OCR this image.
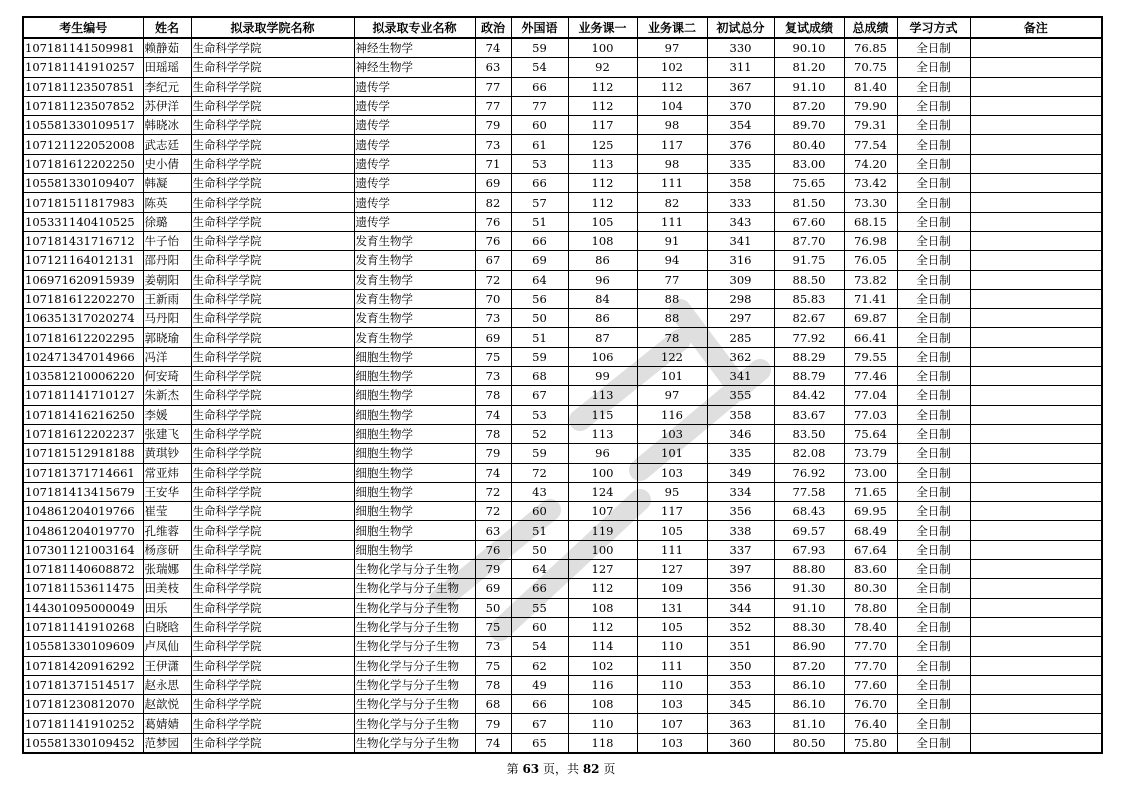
考生编号	姓名	拟录取学院名称	拟录取专业名称	政治	外国语	业务课一	业务课二	初试总分	复试成绩	总成绩	学习方式	备注
107181141509981	赖静茹	生命科学学院	神经生物学	74	59	100	97	330	90.10	76.85	全日制	
107181141910257	田瑶瑶	生命科学学院	神经生物学	63	54	92	102	311	81.20	70.75	全日制	
107181123507851	李纪元	生命科学学院	遗传学	77	66	112	112	367	91.10	81.40	全日制	
107181123507852	苏伊洋	生命科学学院	遗传学	77	77	112	104	370	87.20	79.90	全日制	
105581330109517	韩晓冰	生命科学学院	遗传学	79	60	117	98	354	89.70	79.31	全日制	
107121122052008	武志廷	生命科学学院	遗传学	73	61	125	117	376	80.40	77.54	全日制	
107181612202250	史小倩	生命科学学院	遗传学	71	53	113	98	335	83.00	74.20	全日制	
105581330109407	韩凝	生命科学学院	遗传学	69	66	112	111	358	75.65	73.42	全日制	
107181511817983	陈英	生命科学学院	遗传学	82	57	112	82	333	81.50	73.30	全日制	
105331140410525	徐璐	生命科学学院	遗传学	76	51	105	111	343	67.60	68.15	全日制	
107181431716712	牛子怡	生命科学学院	发育生物学	76	66	108	91	341	87.70	76.98	全日制	
107121164012131	邵丹阳	生命科学学院	发育生物学	67	69	86	94	316	91.75	76.05	全日制	
106971620915939	姜朝阳	生命科学学院	发育生物学	72	64	96	77	309	88.50	73.82	全日制	
107181612202270	王新雨	生命科学学院	发育生物学	70	56	84	88	298	85.83	71.41	全日制	
106351317020274	马丹阳	生命科学学院	发育生物学	73	50	86	88	297	82.67	69.87	全日制	
107181612202295	郭晓瑜	生命科学学院	发育生物学	69	51	87	78	285	77.92	66.41	全日制	
102471347014966	冯洋	生命科学学院	细胞生物学	75	59	106	122	362	88.29	79.55	全日制	
103581210006220	何安琦	生命科学学院	细胞生物学	73	68	99	101	341	88.79	77.46	全日制	
107181141710127	朱新杰	生命科学学院	细胞生物学	78	67	113	97	355	84.42	77.04	全日制	
107181416216250	李媛	生命科学学院	细胞生物学	74	53	115	116	358	83.67	77.03	全日制	
107181612202237	张建飞	生命科学学院	细胞生物学	78	52	113	103	346	83.50	75.64	全日制	
107181512918188	黄琪钞	生命科学学院	细胞生物学	79	59	96	101	335	82.08	73.79	全日制	
107181371714661	常亚炜	生命科学学院	细胞生物学	74	72	100	103	349	76.92	73.00	全日制	
107181413415679	王安华	生命科学学院	细胞生物学	72	43	124	95	334	77.58	71.65	全日制	
104861204019766	崔莹	生命科学学院	细胞生物学	72	60	107	117	356	68.43	69.95	全日制	
104861204019770	孔维蓉	生命科学学院	细胞生物学	63	51	119	105	338	69.57	68.49	全日制	
107301121003164	杨彦研	生命科学学院	细胞生物学	76	50	100	111	337	67.93	67.64	全日制	
107181140608872	张瑞娜	生命科学学院	生物化学与分子生物	79	64	127	127	397	88.80	83.60	全日制	
107181153611475	田美枝	生命科学学院	生物化学与分子生物	69	66	112	109	356	91.30	80.30	全日制	
144301095000049	田乐	生命科学学院	生物化学与分子生物	50	55	108	131	344	91.10	78.80	全日制	
107181141910268	白晓晗	生命科学学院	生物化学与分子生物	75	60	112	105	352	88.30	78.40	全日制	
105581330109609	卢凤仙	生命科学学院	生物化学与分子生物	73	54	114	110	351	86.90	77.70	全日制	
107181420916292	王伊潇	生命科学学院	生物化学与分子生物	75	62	102	111	350	87.20	77.70	全日制	
107181371514517	赵永思	生命科学学院	生物化学与分子生物	78	49	116	110	353	86.10	77.60	全日制	
107181230812070	赵歆悦	生命科学学院	生物化学与分子生物	68	66	108	103	345	86.10	76.70	全日制	
107181141910252	葛婧婧	生命科学学院	生物化学与分子生物	79	67	110	107	363	81.10	76.40	全日制	
105581330109452	范梦园	生命科学学院	生物化学与分子生物	74	65	118	103	360	80.50	75.80	全日制	
第 63 页，共 82 页
